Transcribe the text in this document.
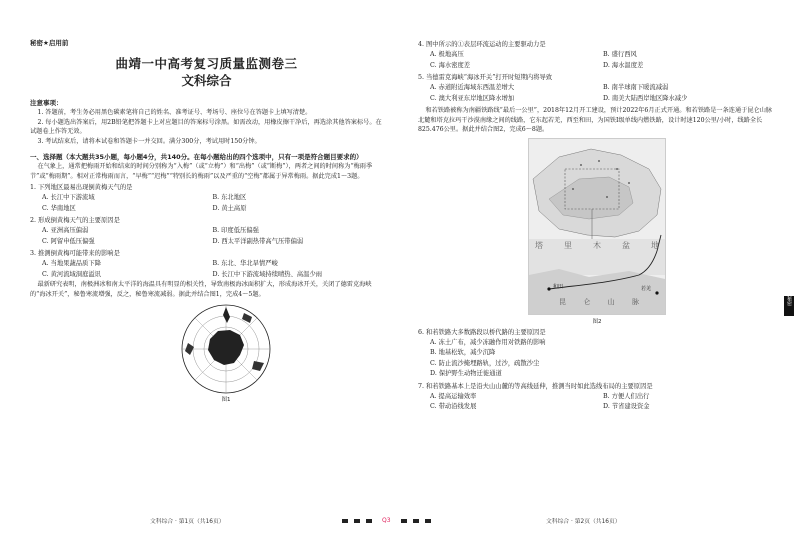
秘密★启用前
曲靖一中高考复习质量监测卷三
文科综合
注意事项：
1. 答题前，考生务必用黑色碳素笔将自己的姓名、准考证号、考场号、座位号在答题卡上填写清楚。
2. 每小题选出答案后，用2B铅笔把答题卡上对应题目的答案标号涂黑。如需改动，用橡皮擦干净后，再选涂其他答案标号。在试题卷上作答无效。
3. 考试结束后，请将本试卷和答题卡一并交回。满分300分，考试用时150分钟。
一、选择题（本大题共35小题，每小题4分，共140分。在每小题给出的四个选项中，只有一项是符合题目要求的）
在气象上，通常把梅雨开始和结束的时间分别称为“入梅”（或“立梅”）和“出梅”（或“断梅”），两者之间的时间称为“梅雨季节”或“梅雨期”。相对正常梅雨而言，“早梅”“迟梅”“特别长的梅雨”以及严重的“空梅”都属于异常梅雨。据此完成1～3题。
1. 下列地区最易出现倒黄梅天气的是
A. 长江中下游流域	B. 东北地区
C. 华南地区	D. 黄土高原
2. 形成倒黄梅天气的主要原因是
A. 亚洲高压偏弱	B. 印度低压偏强
C. 阿留申低压偏强	D. 西太平洋副热带高气压带偏弱
3. 推测倒黄梅可能带来的影响是
A. 当地果蔬品质下降	B. 东北、华北旱情严峻
C. 黄河流域洞庭溢讯	D. 长江中下游流域持续晴热、高温少雨
最新研究表明，南极洲冰和南太平洋的海温具有明显的相关性，导致南极海冰面积扩大，形成海冰开关，关闭了德雷克海峡的“海冰开关”，秘鲁寒流增强，反之，秘鲁寒流减弱。据此并结合图1，完成4～5题。
图1
文科综合 · 第1页（共16页）	Q3
4. 图中所示的①表层环流运动的主要驱动力是
A. 极地高压	B. 盛行西风
C. 海水密度差	D. 海水温度差
5. 当德雷克海峡“海冰开关”打开时短期内将导致
A. 赤道附近海域东西温差增大	B. 南半球南下暖流减弱
C. 澳大利亚东岸地区降水增加	D. 南美大陆西岸地区降水减少
和若铁路被称为南疆铁路线“最后一公里”，2018年12月开工建设，预计2022年6月正式开通。和若铁路是一条连通于昆仑山脉北麓和塔克拉玛干沙漠南缘之间的线路，它东起若羌，西至和田，为国铁Ⅰ级单线内燃铁路，设计时速120公里/小时，线路全长825.476公里。据此并结合图2，完成6～8题。
塔	里	木	盆	地
昆 仑 山 脉
和田	若羌
图2
6. 和若铁路大多数路段以桥代路的主要原因是
A. 冻土广布，减少冻融作用对铁路的影响
B. 地基松软，减少沉降
C. 防止流沙掩埋路轨，过沙，疏散沙尘
D. 保护野生动物迁徙通道
7. 和若铁路基本上是沿夫山山麓的等高线延伸，推测当时如此选线布局的主要原因是
A. 提高运输效率	B. 方便人们出行
C. 带动沿线发展	D. 节省建设资金
文科综合 · 第2页（共16页）
秘密
